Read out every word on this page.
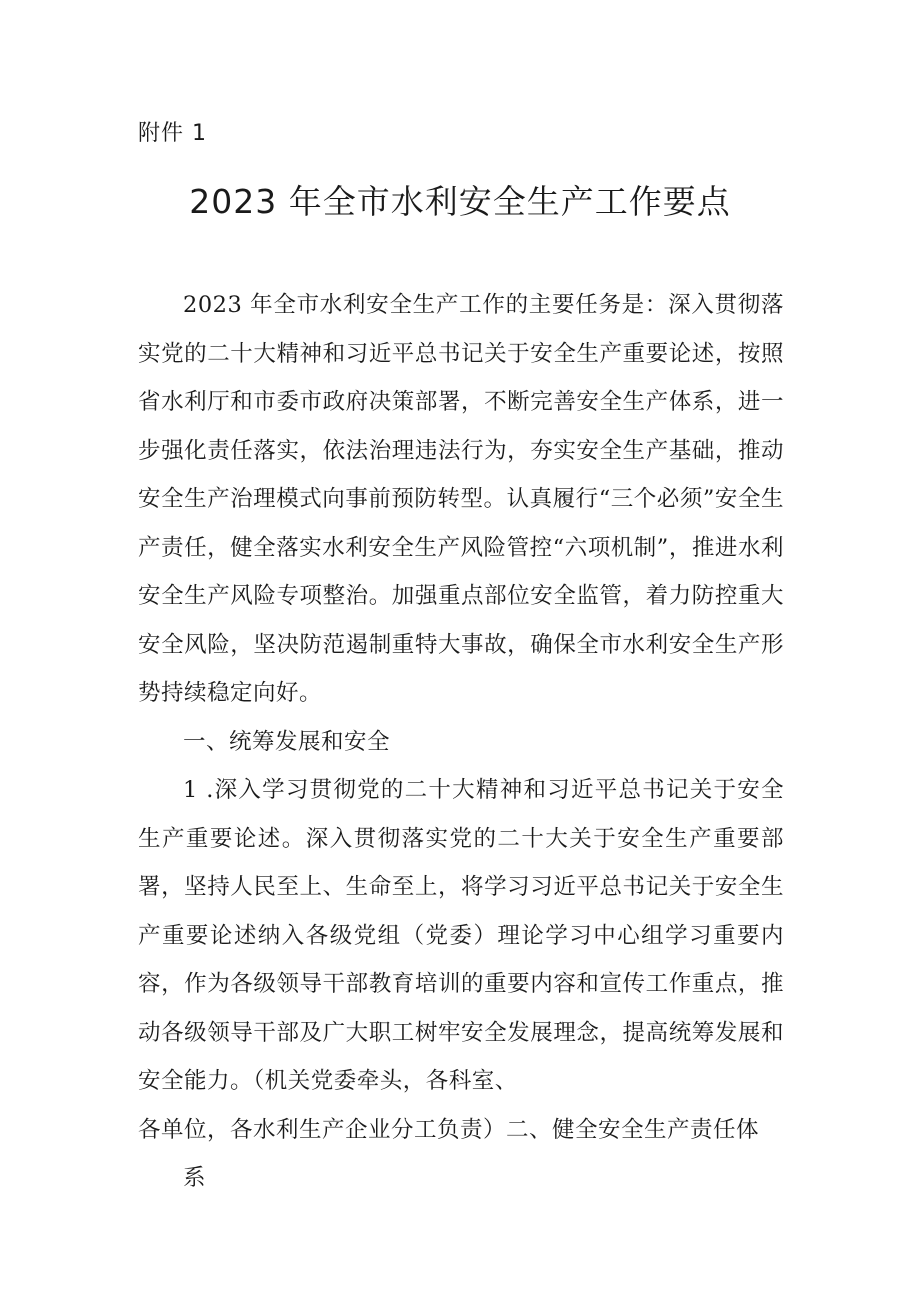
附件 1
2023 年全市水利安全生产工作要点

2023 年全市水利安全生产工作的主要任务是：深入贯彻落实党的二十大精神和习近平总书记关于安全生产重要论述，按照省水利厅和市委市政府决策部署，不断完善安全生产体系，进一步强化责任落实，依法治理违法行为，夯实安全生产基础，推动安全生产治理模式向事前预防转型。认真履行“三个必须”安全生产责任，健全落实水利安全生产风险管控“六项机制”，推进水利安全生产风险专项整治。加强重点部位安全监管，着力防控重大安全风险，坚决防范遏制重特大事故，确保全市水利安全生产形势持续稳定向好。

一、统筹发展和安全

1 .深入学习贯彻党的二十大精神和习近平总书记关于安全生产重要论述。深入贯彻落实党的二十大关于安全生产重要部署，坚持人民至上、生命至上，将学习习近平总书记关于安全生产重要论述纳入各级党组（党委）理论学习中心组学习重要内容，作为各级领导干部教育培训的重要内容和宣传工作重点，推动各级领导干部及广大职工树牢安全发展理念，提高统筹发展和安全能力。（机关党委牵头，各科室、

各单位，各水利生产企业分工负责）二、健全安全生产责任体

系
